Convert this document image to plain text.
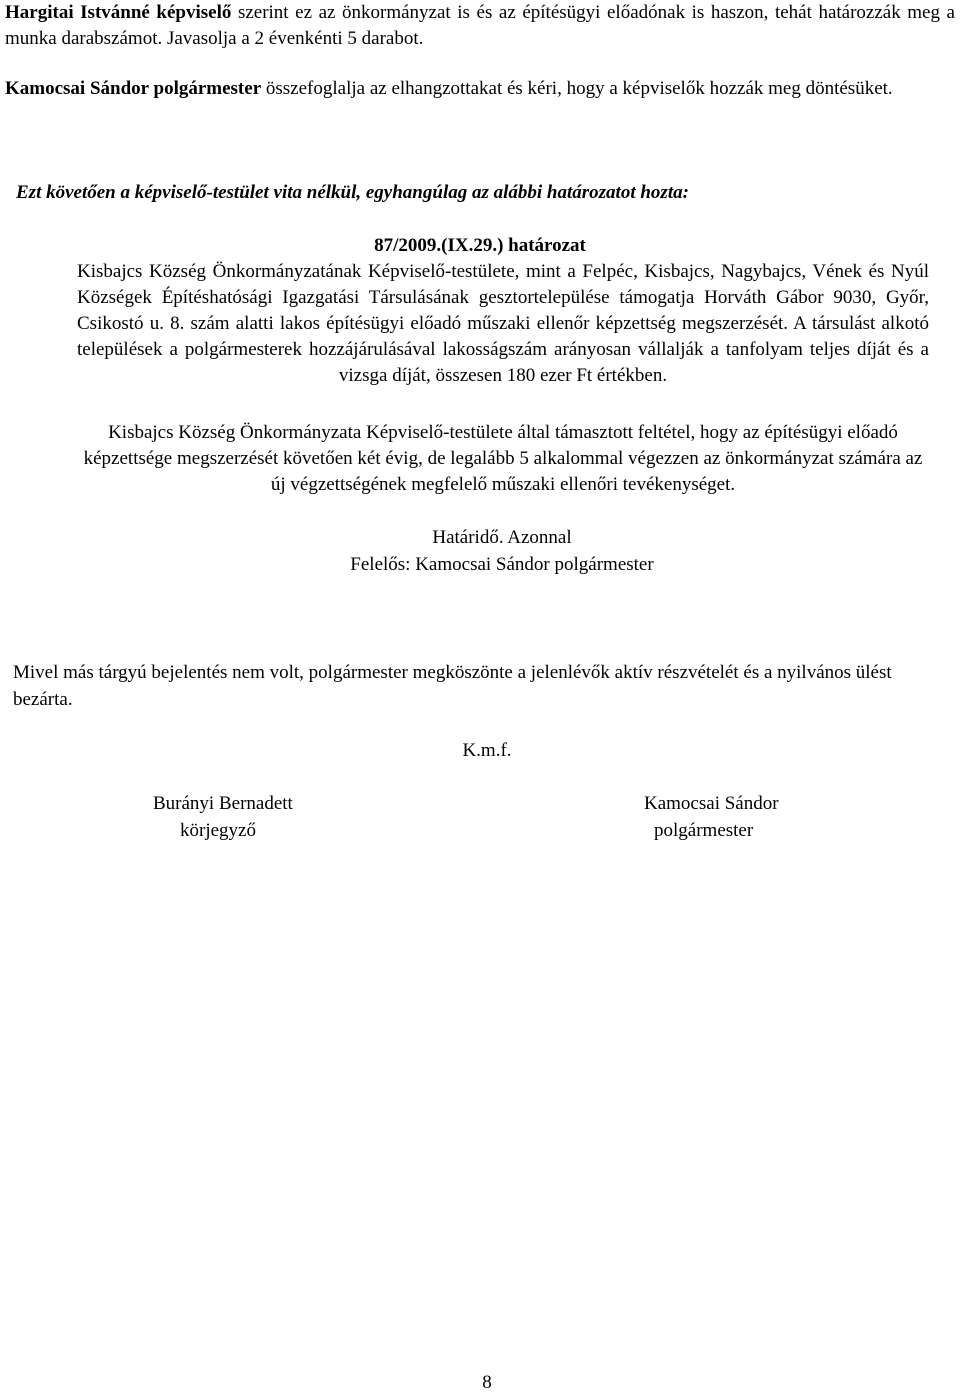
Hargitai Istvánné képviselő szerint ez az önkormányzat is és az építésügyi előadónak is haszon, tehát határozzák meg a munka darabszámot. Javasolja a 2 évenkénti 5 darabot.
Kamocsai Sándor polgármester összefoglalja az elhangzottakat és kéri, hogy a képviselők hozzák meg döntésüket.
Ezt követően a képviselő-testület vita nélkül, egyhangúlag az alábbi határozatot hozta:
87/2009.(IX.29.) határozat
Kisbajcs Község Önkormányzatának Képviselő-testülete, mint a Felpéc, Kisbajcs, Nagybajcs, Vének és Nyúl Községek Építéshatósági Igazgatási Társulásának gesztortelepülése támogatja Horváth Gábor 9030, Győr, Csikostó u. 8. szám alatti lakos építésügyi előadó műszaki ellenőr képzettség megszerzését. A társulást alkotó települések a polgármesterek hozzájárulásával lakosságszám arányosan vállalják a tanfolyam teljes díját és a vizsga díját, összesen 180 ezer Ft értékben.
Kisbajcs Község Önkormányzata Képviselő-testülete által támasztott feltétel, hogy az építésügyi előadó képzettsége megszerzését követően két évig, de legalább 5 alkalommal végezzen az önkormányzat számára az új végzettségének megfelelő műszaki ellenőri tevékenységet.
Határidő. Azonnal
Felelős: Kamocsai Sándor polgármester
Mivel más tárgyú bejelentés nem volt, polgármester megköszönte a jelenlévők aktív részvételét és a nyilvános ülést bezárta.
K.m.f.
Burányi Bernadett
körjegyző
Kamocsai Sándor
polgármester
8
